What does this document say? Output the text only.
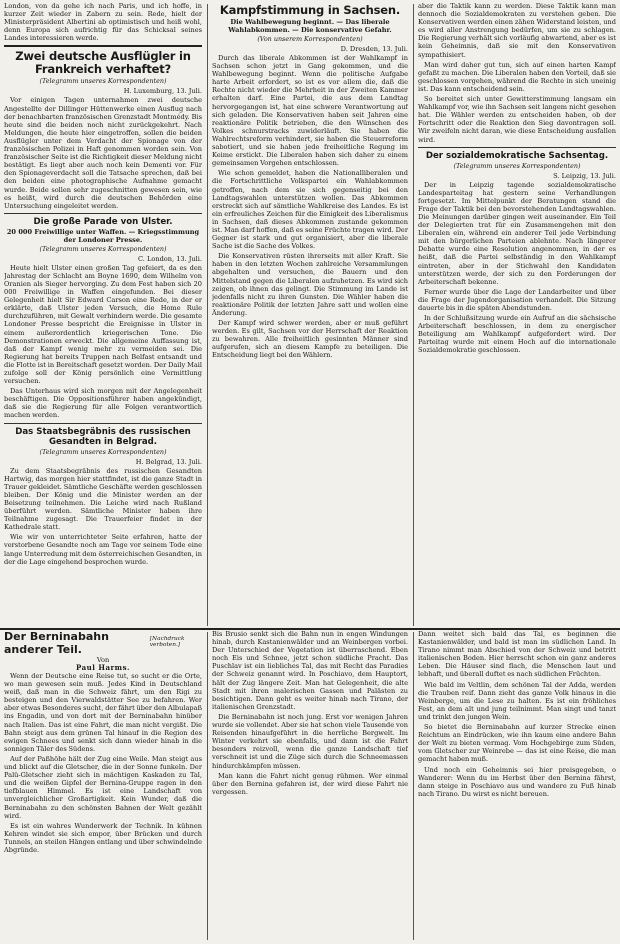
London, von da gehe ich nach Paris, und ich hoffe, in kurzer Zeit wieder in Zabern zu sein. Rede, hielt der Ministerpräsident Albertini ab optimistisch und heiß wohl, denn Europa sich aufrichtig für das Schicksal seines Landes interessieren werde.

Zwei deutsche Ausflügler in Frankreich verhaftet?
(Telegramm unseres Korrespondenten)
H. Luxemburg, 13. Juli.

Vor einigen Tagen unternahmen zwei deutsche Angestellte der Dillinger Hüttenwerke einen Ausflug nach der benachbarten französischen Grenzstadt Montmédy. Bis heute sind die beiden noch nicht zurückgekehrt. Nach Meldungen, die heute hier eingetroffen, sollen die beiden Ausflügler unter dem Verdacht der Spionage von der französischen Polizei in Haft genommen worden sein. Von französischer Seite ist die Richtigkeit dieser Meldung nicht bestätigt. Es liegt aber auch noch kein Dementi vor. Für den Spionageverdacht soll die Tatsache sprechen, daß bei den beiden eine photographische Aufnahme gemacht wurde. Beide sollen sehr zugeschnitten gewesen sein, wie es heißt, wird durch die deutschen Behörden eine Untersuchung eingeleitet werden.

Die große Parade von Ulster.
20 000 Freiwillige unter Waffen. — Kriegsstimmung der Londoner Presse.
(Telegramm unseres Korrespondenten)
C. London, 13. Juli.

Heute hielt Ulster einen großen Tag gefeiert, da es den Jahrestag der Schlacht am Boyne 1690, dem Wilhelm von Oranien als Sieger hervorging. Zu dem Fest haben sich 20 000 Freiwillige in Waffen eingefunden. Bei dieser Gelegenheit hielt Sir Edward Carson eine Rede, in der er erklärte, daß Ulster jeden Versuch, die Home Rule durchzuführen, mit Gewalt verhindern werde. Die gesamte Londoner Presse bespricht die Ereignisse in Ulster in einem außerordentlich kriegerischen Tone. Die Demonstrationen erweckt. Die allgemeine Auffassung ist, daß der Kampf wenig mehr zu vermeiden sei. Die Regierung hat bereits Truppen nach Belfast entsandt und die Flotte ist in Bereitschaft gesetzt worden. Der Daily Mail zufolge soll der König persönlich eine Vermittlung versuchen.

Das Unterhaus wird sich morgen mit der Angelegenheit beschäftigen. Die Oppositionsführer haben angekündigt, daß sie die Regierung für alle Folgen verantwortlich machen werden.

Das Staatsbegräbnis des russischen Gesandten in Belgrad.
(Telegramm unseres Korrespondenten)
H. Belgrad, 13. Juli.

Zu dem Staatsbegräbnis des russischen Gesandten Hartwig, das morgen hier stattfindet, ist die ganze Stadt in Trauer gekleidet. Sämtliche Geschäfte werden geschlossen bleiben. Der König und die Minister werden an der Beisetzung teilnehmen. Die Leiche wird nach Rußland überführt werden. Sämtliche Minister haben ihre Teilnahme zugesagt. Die Trauerfeier findet in der Kathedrale statt.

Wie wir von unterrichteter Seite erfahren, hatte der verstorbene Gesandte noch am Tage vor seinem Tode eine lange Unterredung mit dem österreichischen Gesandten, in der die Lage eingehend besprochen wurde.

Kampfstimmung in Sachsen.
Die Wahlbewegung beginnt. — Das liberale Wahlabkommen. — Die konservative Gefahr.
(Von unserem Korrespondenten)
D. Dresden, 13. Juli.

Durch das liberale Abkommen ist der Wahlkampf in Sachsen schon jetzt in Gang gekommen, und die Wahlbewegung beginnt. Wenn die politische Aufgabe harte Arbeit erfordert, so ist es vor allem die, daß die Rechte nicht wieder die Mehrheit in der Zweiten Kammer erhalten darf. Eine Partei, die aus dem Landtag hervorgegangen ist, hat eine schwere Verantwortung auf sich geladen. Die Konservativen haben seit Jahren eine reaktionäre Politik betrieben, die den Wünschen des Volkes schnurstracks zuwiderläuft. Sie haben die Wahlrechtsreform verhindert, sie haben die Steuerreform sabotiert, und sie haben jede freiheitliche Regung im Keime erstickt. Die Liberalen haben sich daher zu einem gemeinsamen Vorgehen entschlossen.

Wie schon gemeldet, haben die Nationalliberalen und die Fortschrittliche Volkspartei ein Wahlabkommen getroffen, nach dem sie sich gegenseitig bei den Landtagswahlen unterstützen wollen. Das Abkommen erstreckt sich auf sämtliche Wahlkreise des Landes. Es ist ein erfreuliches Zeichen für die Einigkeit des Liberalismus in Sachsen, daß dieses Abkommen zustande gekommen ist. Man darf hoffen, daß es seine Früchte tragen wird. Der Gegner ist stark und gut organisiert, aber die liberale Sache ist die Sache des Volkes.

Die Konservativen rüsten ihrerseits mit aller Kraft. Sie haben in den letzten Wochen zahlreiche Versammlungen abgehalten und versuchen, die Bauern und den Mittelstand gegen die Liberalen aufzuhetzen. Es wird sich zeigen, ob ihnen das gelingt. Die Stimmung im Lande ist jedenfalls nicht zu ihren Gunsten. Die Wähler haben die reaktionäre Politik der letzten Jahre satt und wollen eine Änderung.

Der Kampf wird schwer werden, aber er muß geführt werden. Es gilt, Sachsen vor der Herrschaft der Reaktion zu bewahren. Alle freiheitlich gesinnten Männer sind aufgerufen, sich an diesem Kampfe zu beteiligen. Die Entscheidung liegt bei den Wählern.

aber die Taktik kann zu werden. Diese Taktik kann man dennoch die Sozialdemokraten zu verstehen geben. Die Konservativen werden einen zähen Widerstand leisten, und es wird aller Anstrengung bedürfen, um sie zu schlagen. Die Regierung verhält sich vorläufig abwartend, aber es ist kein Geheimnis, daß sie mit den Konservativen sympathisiert.

Man wird daher gut tun, sich auf einen harten Kampf gefaßt zu machen. Die Liberalen haben den Vorteil, daß sie geschlossen vorgehen, während die Rechte in sich uneinig ist. Das kann entscheidend sein.

So bereitet sich unter Gewitterstimmung langsam ein Wahlkampf vor, wie ihn Sachsen seit langem nicht gesehen hat. Die Wähler werden zu entscheiden haben, ob der Fortschritt oder die Reaktion den Sieg davontragen soll. Wir zweifeln nicht daran, wie diese Entscheidung ausfallen wird.

Der sozialdemokratische Sachsentag.
(Telegramm unseres Korrespondenten)
S. Leipzig, 13. Juli.

Der in Leipzig tagende sozialdemokratische Landesparteitag hat gestern seine Verhandlungen fortgesetzt. Im Mittelpunkt der Beratungen stand die Frage der Taktik bei den bevorstehenden Landtagswahlen. Die Meinungen darüber gingen weit auseinander. Ein Teil der Delegierten trat für ein Zusammengehen mit den Liberalen ein, während ein anderer Teil jede Verbindung mit den bürgerlichen Parteien ablehnte. Nach längerer Debatte wurde eine Resolution angenommen, in der es heißt, daß die Partei selbständig in den Wahlkampf eintreten, aber in der Stichwahl den Kandidaten unterstützen werde, der sich zu den Forderungen der Arbeiterschaft bekenne.

Ferner wurde über die Lage der Landarbeiter und über die Frage der Jugendorganisation verhandelt. Die Sitzung dauerte bis in die späten Abendstunden.

In der Schlußsitzung wurde ein Aufruf an die sächsische Arbeiterschaft beschlossen, in dem zu energischer Beteiligung am Wahlkampf aufgefordert wird. Der Parteitag wurde mit einem Hoch auf die internationale Sozialdemokratie geschlossen.

Der Berninabahn anderer Teil.
[Nachdruck verboten.]

Von

Paul Harms.

Wenn der Deutsche eine Reise tut, so sucht er die Orte, wo man gewesen sein muß. Jedes Kind in Deutschland weiß, daß man in die Schweiz fährt, um den Rigi zu besteigen und den Vierwaldstätter See zu befahren. Wer aber etwas Besonderes sucht, der fährt über den Albulapaß ins Engadin, und von dort mit der Berninabahn hinüber nach Italien. Das ist eine Fahrt, die man nicht vergißt. Die Bahn steigt aus dem grünen Tal hinauf in die Region des ewigen Schnees und senkt sich dann wieder hinab in die sonnigen Täler des Südens.

Auf der Paßhöhe hält der Zug eine Weile. Man steigt aus und blickt auf die Gletscher, die in der Sonne funkeln. Der Palü-Gletscher zieht sich in mächtigen Kaskaden zu Tal, und die weißen Gipfel der Bernina-Gruppe ragen in den tiefblauen Himmel. Es ist eine Landschaft von unvergleichlicher Großartigkeit. Kein Wunder, daß die Berninabahn zu den schönsten Bahnen der Welt gezählt wird.

Es ist ein wahres Wunderwerk der Technik. In kühnen Kehren windet sie sich empor, über Brücken und durch Tunnels, an steilen Hängen entlang und über schwindelnde Abgründe.

Bis Brusio senkt sich die Bahn nun in engen Windungen hinab, durch Kastanienwälder und an Weinbergen vorbei. Der Unterschied der Vegetation ist überraschend. Eben noch Eis und Schnee, jetzt schon südliche Pracht. Das Puschlav ist ein liebliches Tal, das mit Recht das Paradies der Schweiz genannt wird. In Poschiavo, dem Hauptort, hält der Zug längere Zeit. Man hat Gelegenheit, die alte Stadt mit ihren malerischen Gassen und Palästen zu besichtigen. Dann geht es weiter hinab nach Tirano, der italienischen Grenzstadt.

Die Berninabahn ist noch jung. Erst vor wenigen Jahren wurde sie vollendet. Aber sie hat schon viele Tausende von Reisenden hinaufgeführt in die herrliche Bergwelt. Im Winter verkehrt sie ebenfalls, und dann ist die Fahrt besonders reizvoll, wenn die ganze Landschaft tief verschneit ist und die Züge sich durch die Schneemassen hindurchkämpfen müssen.

Man kann die Fahrt nicht genug rühmen. Wer einmal über den Bernina gefahren ist, der wird diese Fahrt nie vergessen.

Dann weitet sich bald das Tal, es beginnen die Kastanienwälder, und bald ist man im südlichen Land. In Tirano nimmt man Abschied von der Schweiz und betritt italienischen Boden. Hier herrscht schon ein ganz anderes Leben. Die Häuser sind flach, die Menschen laut und lebhaft, und überall duftet es nach südlichen Früchten.

Wie bald im Veltlin, dem schönen Tal der Adda, werden die Trauben reif. Dann zieht das ganze Volk hinaus in die Weinberge, um die Lese zu halten. Es ist ein fröhliches Fest, an dem alt und jung teilnimmt. Man singt und tanzt und trinkt den jungen Wein.

So bietet die Berninabahn auf kurzer Strecke einen Reichtum an Eindrücken, wie ihn kaum eine andere Bahn der Welt zu bieten vermag. Vom Hochgebirge zum Süden, vom Gletscher zur Weinrebe — das ist eine Reise, die man gemacht haben muß.

Und noch ein Geheimnis sei hier preisgegeben, o Wanderer: Wenn du im Herbst über den Bernina fährst, dann steige in Poschiavo aus und wandere zu Fuß hinab nach Tirano. Du wirst es nicht bereuen.
